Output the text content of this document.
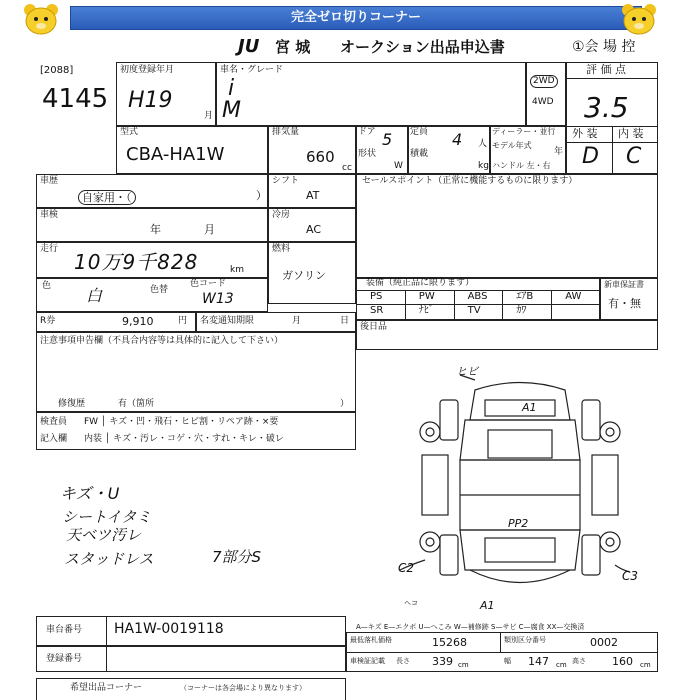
完全ゼロ切りコーナー
JU 宮 城 オークション出品申込書	①会 場 控
[2088]
4145
初度登録年月
H19
月
車名・グレード
i
M
2WD
4WD
評 価 点
3.5
外 装 内 装
D C
型式
CBA-HA1W
排気量
660
cc
ドア 5
形状
W
定員 4 人
積載
kg
ディーラー・並行
モデル年式
年
ハンドル 左・右
車歴
自家用・（	）
シフト
AT
車検
年	月
冷房
AC
走行
10万9千828	km
燃料
ガソリン
色 白	色替
色コード
W13
R券	9,910	円 名変通知期限	月	日
セールスポイント（正常に機能するものに限ります）
装備（純正品に限ります）
PS	PW	ABS	ｴｱB	AW
SR	ﾅﾋﾞ	TV	ｶﾜ
新車保証書
有・無
後日品
注意事項申告欄（不具合内容等は具体的に記入して下さい）
修復歴	有（箇所	）
検査員
記入欄
FW │ キズ・凹・飛石・ヒビ割・リペア跡・×要
内装 │ キズ・汚レ・コゲ・穴・すれ・キレ・破レ
キズ・U
シートイタミ
天ベツ汚レ
スタッドレス	7部分S
ヒビ
A1
PP2
C2
C3
A1
ヘコ
A—キズ E—エクボ U—へこみ W—補修跡 S—サビ C—腐食 XX—交換済
車台番号 HA1W-0019118
登録番号
最低落札価格	15268	類別区分番号	0002
車検証記載 長さ 339 cm	幅 147 cm 高さ 160 cm
希望出品コーナー	（コーナーは各会場により異なります）
